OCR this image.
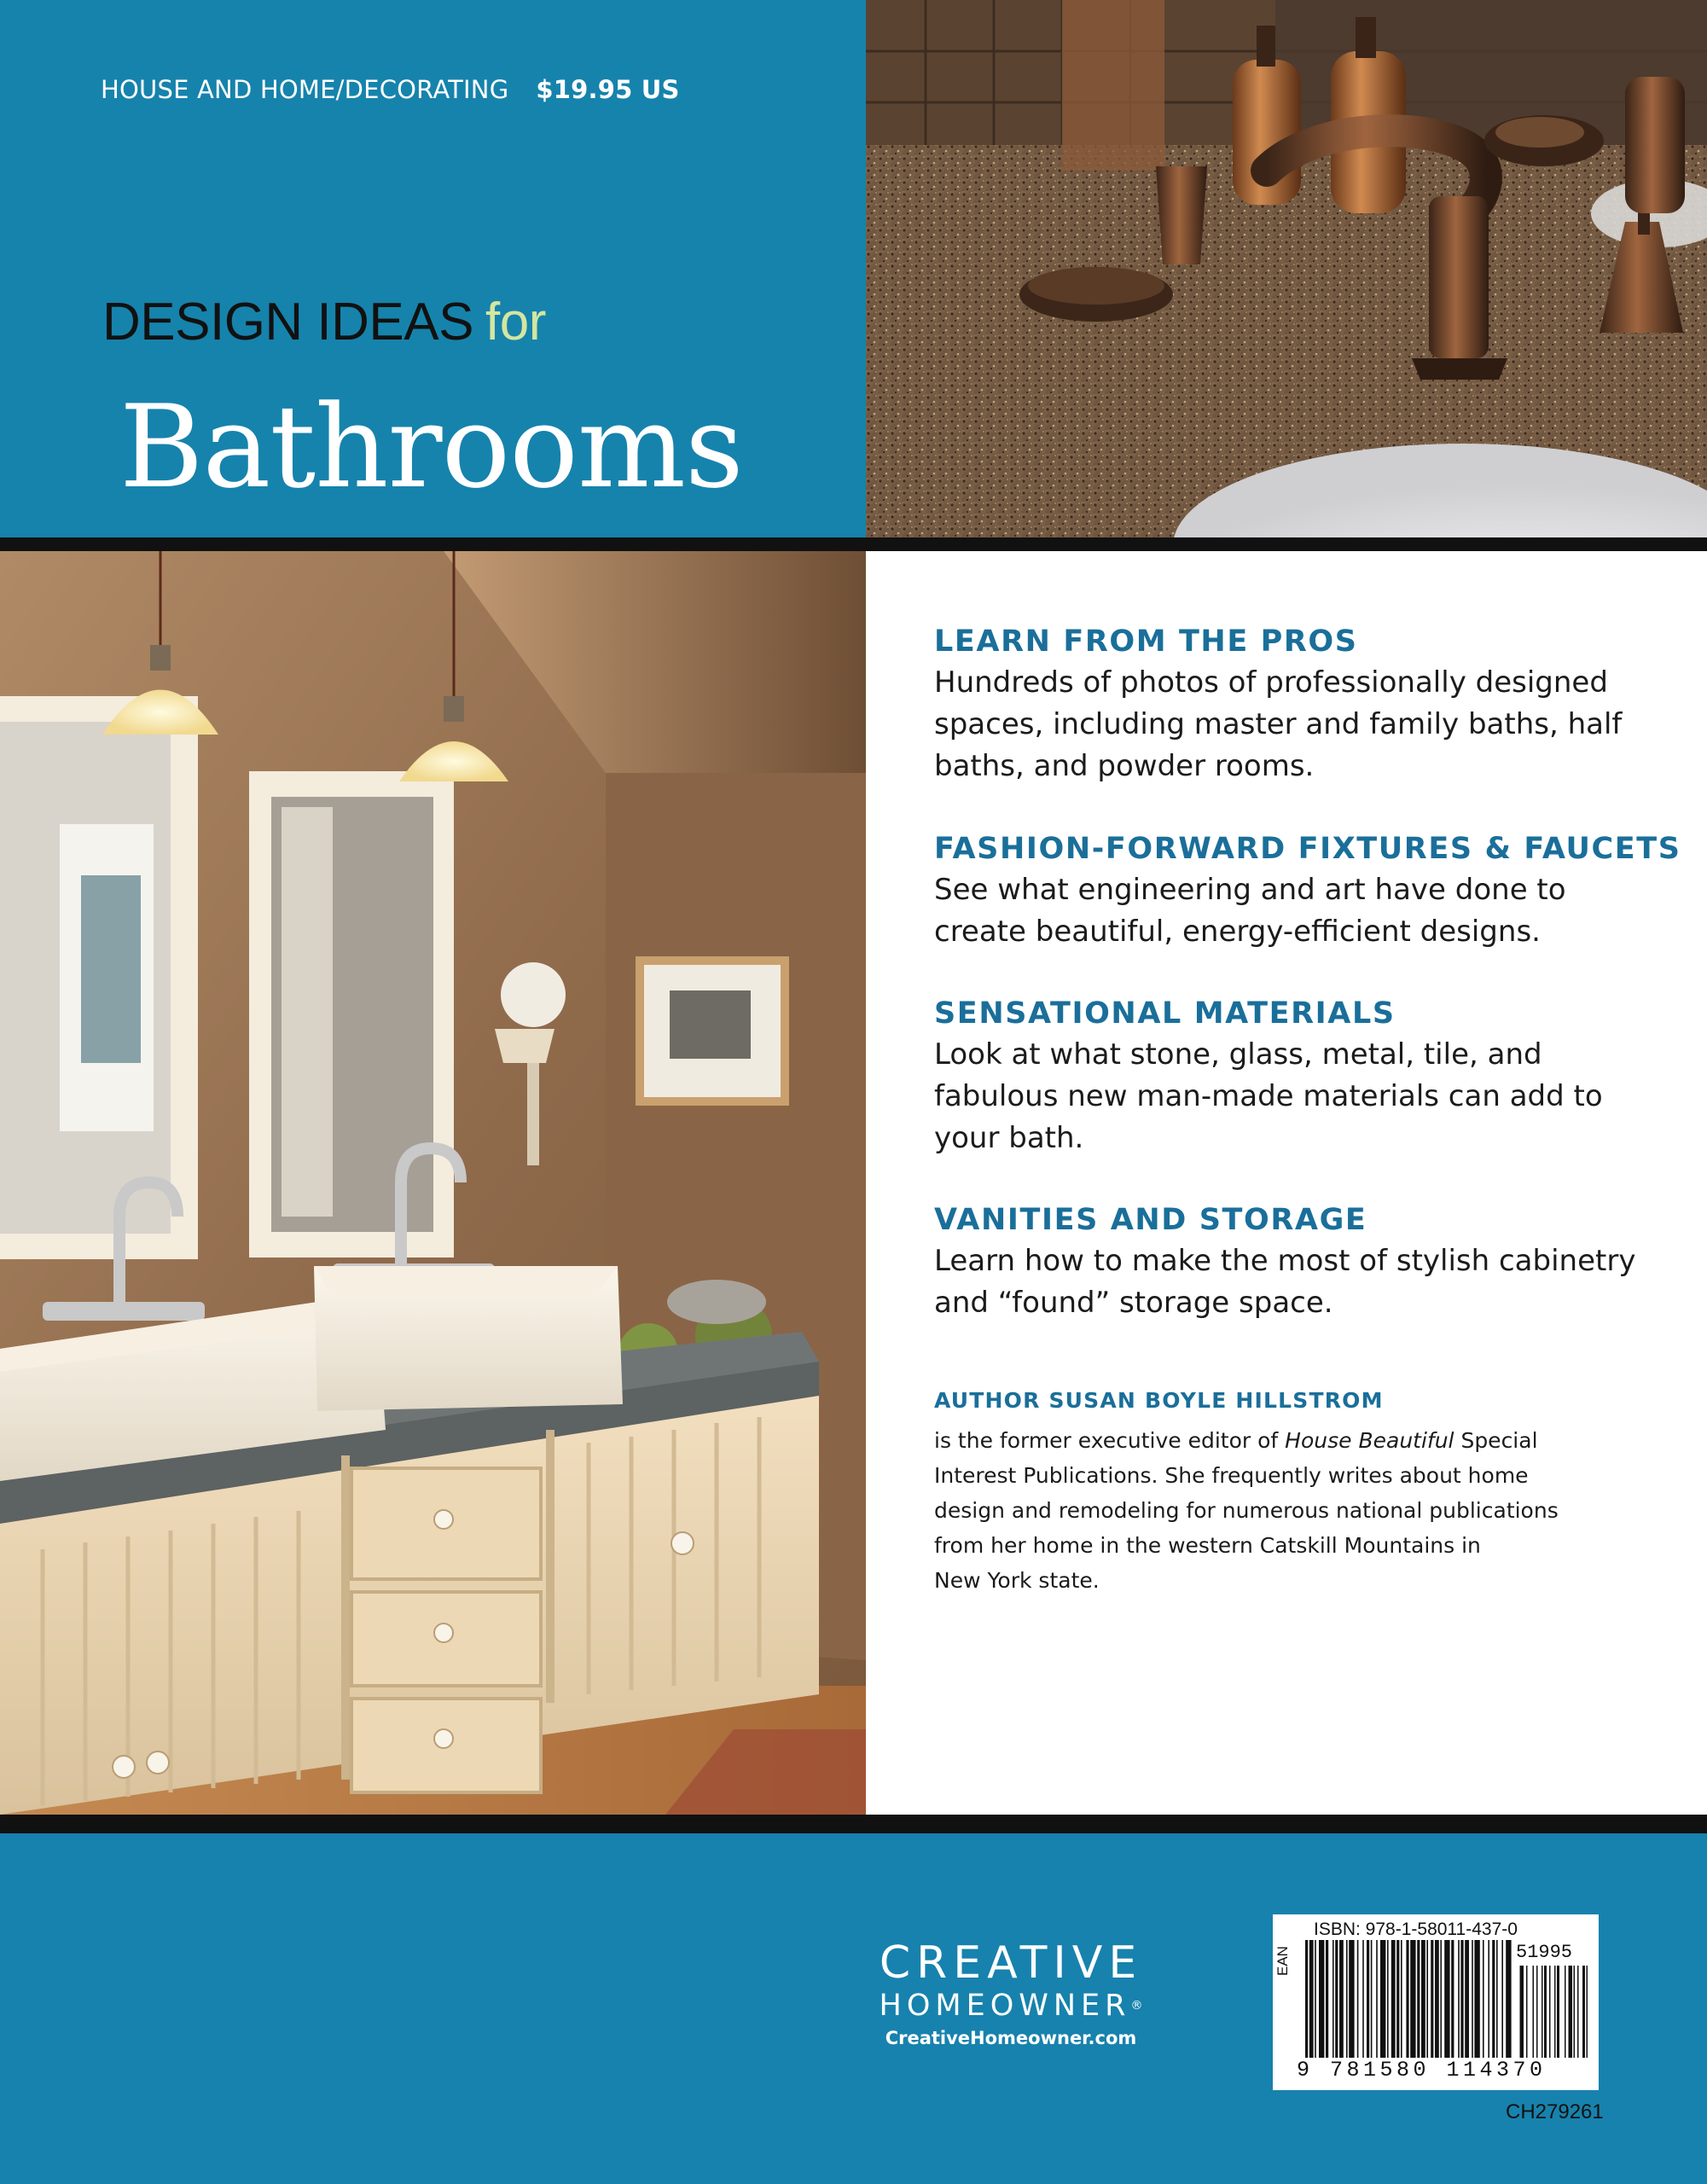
HOUSE AND HOME/DECORATING $19.95 US
DESIGN IDEAS for
Bathrooms
LEARN FROM THE PROS

Hundreds of photos of professionally designed
spaces, including master and family baths, half
baths, and powder rooms.

FASHION-FORWARD FIXTURES & FAUCETS

See what engineering and art have done to
create beautiful, energy-efficient designs.

SENSATIONAL MATERIALS

Look at what stone, glass, metal, tile, and
fabulous new man-made materials can add to
your bath.

VANITIES AND STORAGE

Learn how to make the most of stylish cabinetry
and “found” storage space.

AUTHOR SUSAN BOYLE HILLSTROM

is the former executive editor of House Beautiful Special
Interest Publications. She frequently writes about home
design and remodeling for numerous national publications
from her home in the western Catskill Mountains in
New York state.

CREATIVE
HOMEOWNER®
CreativeHomeowner.com
ISBN: 978-1-58011-437-0
EAN	51995
9 781580 114370
CH279261
